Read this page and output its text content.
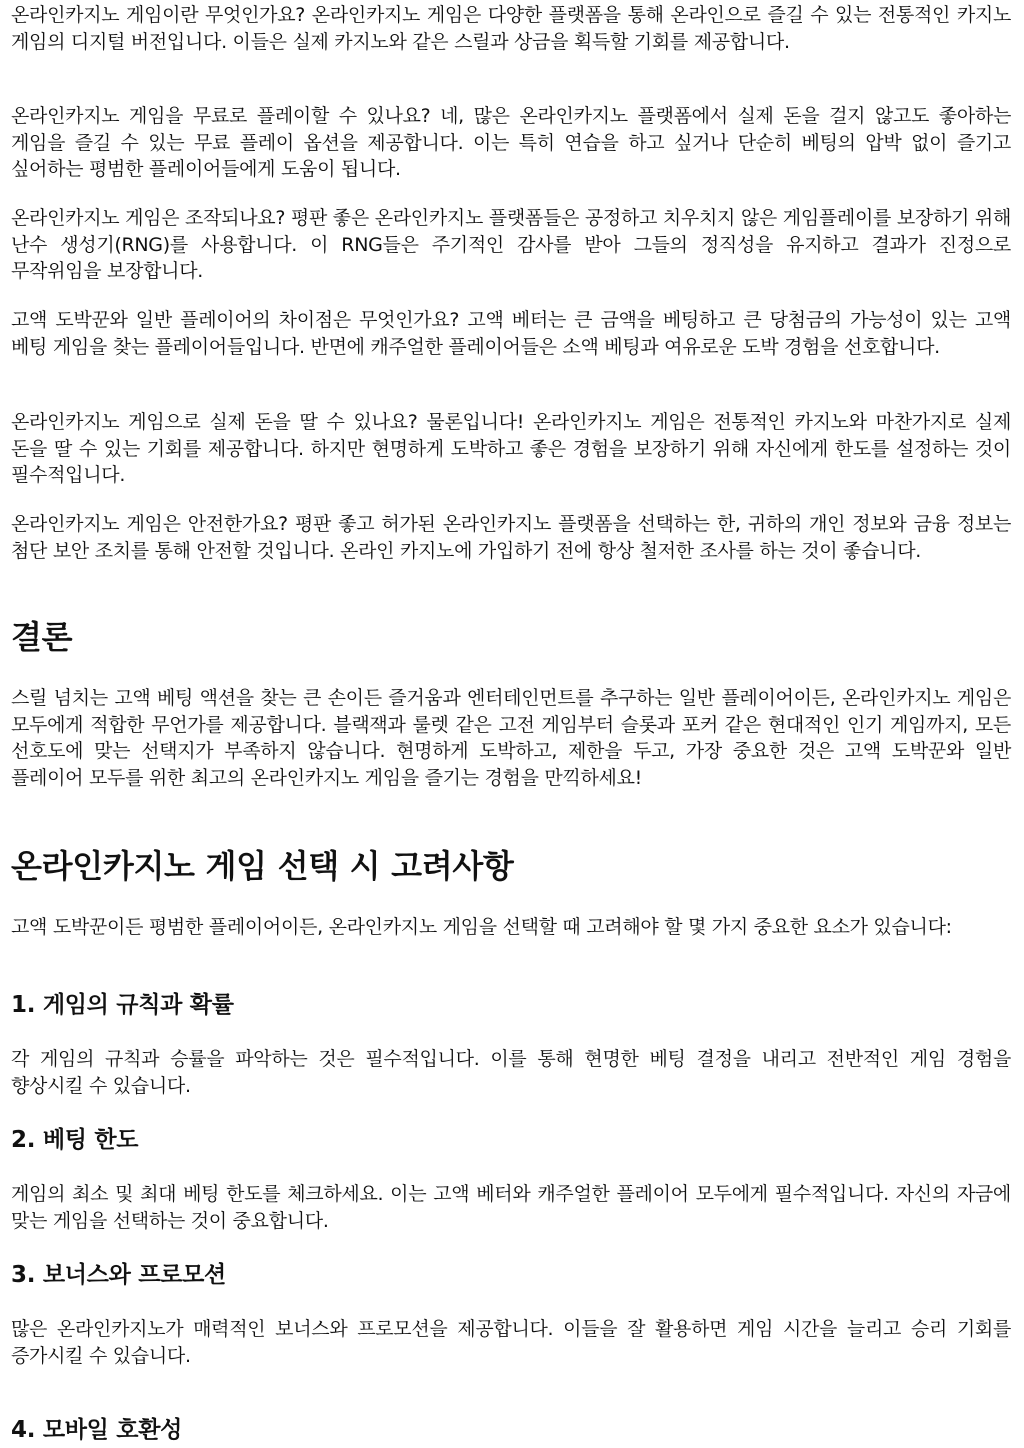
온라인카지노 게임이란 무엇인가요? 온라인카지노 게임은 다양한 플랫폼을 통해 온라인으로 즐길 수 있는 전통적인 카지노 게임의 디지털 버전입니다. 이들은 실제 카지노와 같은 스릴과 상금을 획득할 기회를 제공합니다.

온라인카지노 게임을 무료로 플레이할 수 있나요? 네, 많은 온라인카지노 플랫폼에서 실제 돈을 걸지 않고도 좋아하는 게임을 즐길 수 있는 무료 플레이 옵션을 제공합니다. 이는 특히 연습을 하고 싶거나 단순히 베팅의 압박 없이 즐기고 싶어하는 평범한 플레이어들에게 도움이 됩니다.

온라인카지노 게임은 조작되나요? 평판 좋은 온라인카지노 플랫폼들은 공정하고 치우치지 않은 게임플레이를 보장하기 위해 난수 생성기(RNG)를 사용합니다. 이 RNG들은 주기적인 감사를 받아 그들의 정직성을 유지하고 결과가 진정으로 무작위임을 보장합니다.

고액 도박꾼와 일반 플레이어의 차이점은 무엇인가요? 고액 베터는 큰 금액을 베팅하고 큰 당첨금의 가능성이 있는 고액 베팅 게임을 찾는 플레이어들입니다. 반면에 캐주얼한 플레이어들은 소액 베팅과 여유로운 도박 경험을 선호합니다.

온라인카지노 게임으로 실제 돈을 딸 수 있나요? 물론입니다! 온라인카지노 게임은 전통적인 카지노와 마찬가지로 실제 돈을 딸 수 있는 기회를 제공합니다. 하지만 현명하게 도박하고 좋은 경험을 보장하기 위해 자신에게 한도를 설정하는 것이 필수적입니다.

온라인카지노 게임은 안전한가요? 평판 좋고 허가된 온라인카지노 플랫폼을 선택하는 한, 귀하의 개인 정보와 금융 정보는 첨단 보안 조치를 통해 안전할 것입니다. 온라인 카지노에 가입하기 전에 항상 철저한 조사를 하는 것이 좋습니다.

결론

스릴 넘치는 고액 베팅 액션을 찾는 큰 손이든 즐거움과 엔터테인먼트를 추구하는 일반 플레이어이든, 온라인카지노 게임은 모두에게 적합한 무언가를 제공합니다. 블랙잭과 룰렛 같은 고전 게임부터 슬롯과 포커 같은 현대적인 인기 게임까지, 모든 선호도에 맞는 선택지가 부족하지 않습니다. 현명하게 도박하고, 제한을 두고, 가장 중요한 것은 고액 도박꾼와 일반 플레이어 모두를 위한 최고의 온라인카지노 게임을 즐기는 경험을 만끽하세요!

온라인카지노 게임 선택 시 고려사항

고액 도박꾼이든 평범한 플레이어이든, 온라인카지노 게임을 선택할 때 고려해야 할 몇 가지 중요한 요소가 있습니다:

1. 게임의 규칙과 확률

각 게임의 규칙과 승률을 파악하는 것은 필수적입니다. 이를 통해 현명한 베팅 결정을 내리고 전반적인 게임 경험을 향상시킬 수 있습니다.

2. 베팅 한도

게임의 최소 및 최대 베팅 한도를 체크하세요. 이는 고액 베터와 캐주얼한 플레이어 모두에게 필수적입니다. 자신의 자금에 맞는 게임을 선택하는 것이 중요합니다.

3. 보너스와 프로모션

많은 온라인카지노가 매력적인 보너스와 프로모션을 제공합니다. 이들을 잘 활용하면 게임 시간을 늘리고 승리 기회를 증가시킬 수 있습니다.

4. 모바일 호환성
